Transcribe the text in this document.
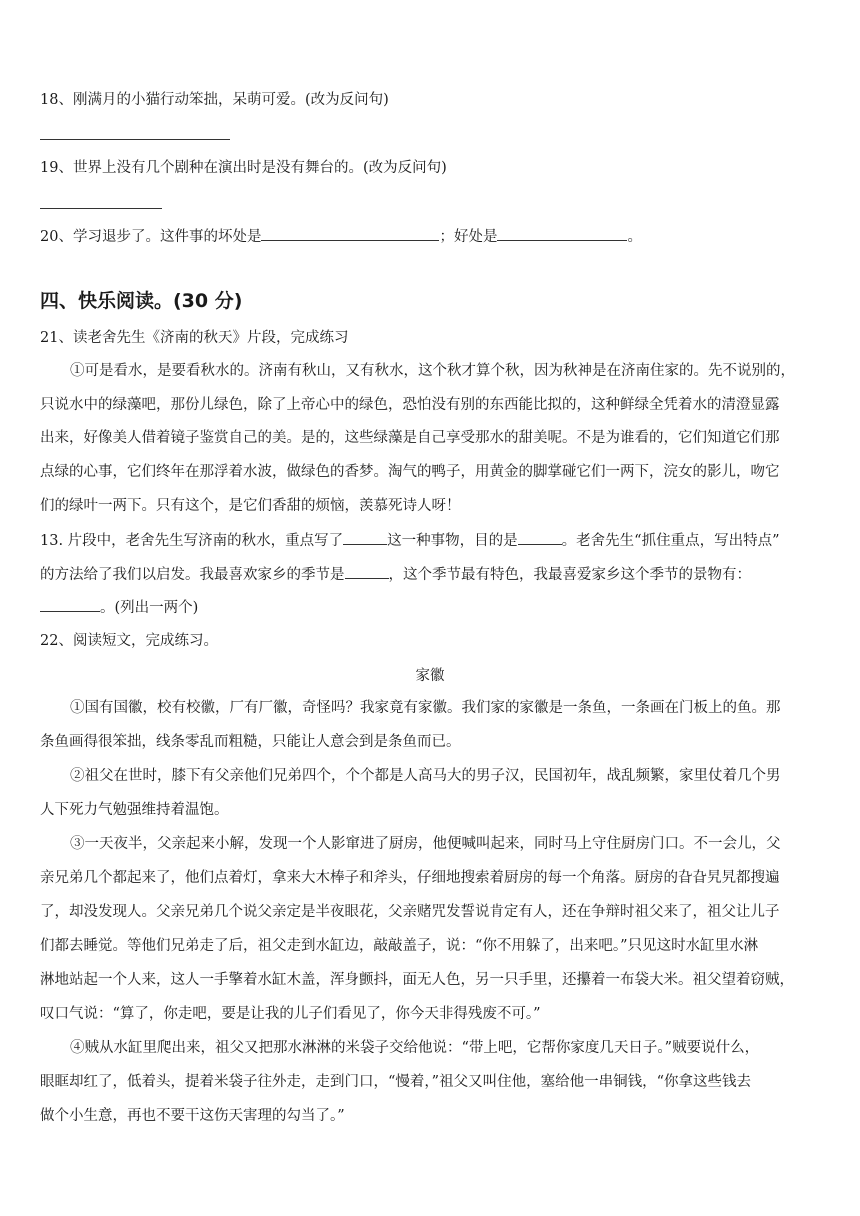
18、刚满月的小猫行动笨拙，呆萌可爱。(改为反问句)
19、世界上没有几个剧种在演出时是没有舞台的。(改为反问句)
20、学习退步了。这件事的坏处是	；好处是	。
四、快乐阅读。(30 分)
21、读老舍先生《济南的秋天》片段，完成练习
①可是看水，是要看秋水的。济南有秋山，又有秋水，这个秋才算个秋，因为秋神是在济南住家的。先不说别的，
只说水中的绿藻吧，那份儿绿色，除了上帝心中的绿色，恐怕没有别的东西能比拟的，这种鲜绿全凭着水的清澄显露
出来，好像美人借着镜子鉴赏自己的美。是的，这些绿藻是自己享受那水的甜美呢。不是为谁看的，它们知道它们那
点绿的心事，它们终年在那浮着水波，做绿色的香梦。淘气的鸭子，用黄金的脚掌碰它们一两下，浣女的影儿，吻它
们的绿叶一两下。只有这个，是它们香甜的烦恼，羡慕死诗人呀！
13. 片段中，老舍先生写济南的秋水，重点写了	这一种事物，目的是	。老舍先生“抓住重点，写出特点”
的方法给了我们以启发。我最喜欢家乡的季节是	，这个季节最有特色，我最喜爱家乡这个季节的景物有：
。(列出一两个)
22、阅读短文，完成练习。
家徽
①国有国徽，校有校徽，厂有厂徽，奇怪吗？我家竟有家徽。我们家的家徽是一条鱼，一条画在门板上的鱼。那
条鱼画得很笨拙，线条零乱而粗糙，只能让人意会到是条鱼而已。
②祖父在世时，膝下有父亲他们兄弟四个，个个都是人高马大的男子汉，民国初年，战乱频繁，家里仗着几个男
人下死力气勉强维持着温饱。
③一天夜半，父亲起来小解，发现一个人影窜进了厨房，他便喊叫起来，同时马上守住厨房门口。不一会儿，父
亲兄弟几个都起来了，他们点着灯，拿来大木棒子和斧头，仔细地搜索着厨房的每一个角落。厨房的旮旮旯旯都搜遍
了，却没发现人。父亲兄弟几个说父亲定是半夜眼花，父亲赌咒发誓说肯定有人，还在争辩时祖父来了，祖父让儿子
们都去睡觉。等他们兄弟走了后，祖父走到水缸边，敲敲盖子，说：“你不用躲了，出来吧。”只见这时水缸里水淋
淋地站起一个人来，这人一手擎着水缸木盖，浑身颤抖，面无人色，另一只手里，还攥着一布袋大米。祖父望着窃贼，
叹口气说：“算了，你走吧，要是让我的儿子们看见了，你今天非得残废不可。”
④贼从水缸里爬出来，祖父又把那水淋淋的米袋子交给他说：“带上吧，它帮你家度几天日子。”贼要说什么，
眼眶却红了，低着头，提着米袋子往外走，走到门口，“慢着，”祖父又叫住他，塞给他一串铜钱，“你拿这些钱去
做个小生意，再也不要干这伤天害理的勾当了。”
